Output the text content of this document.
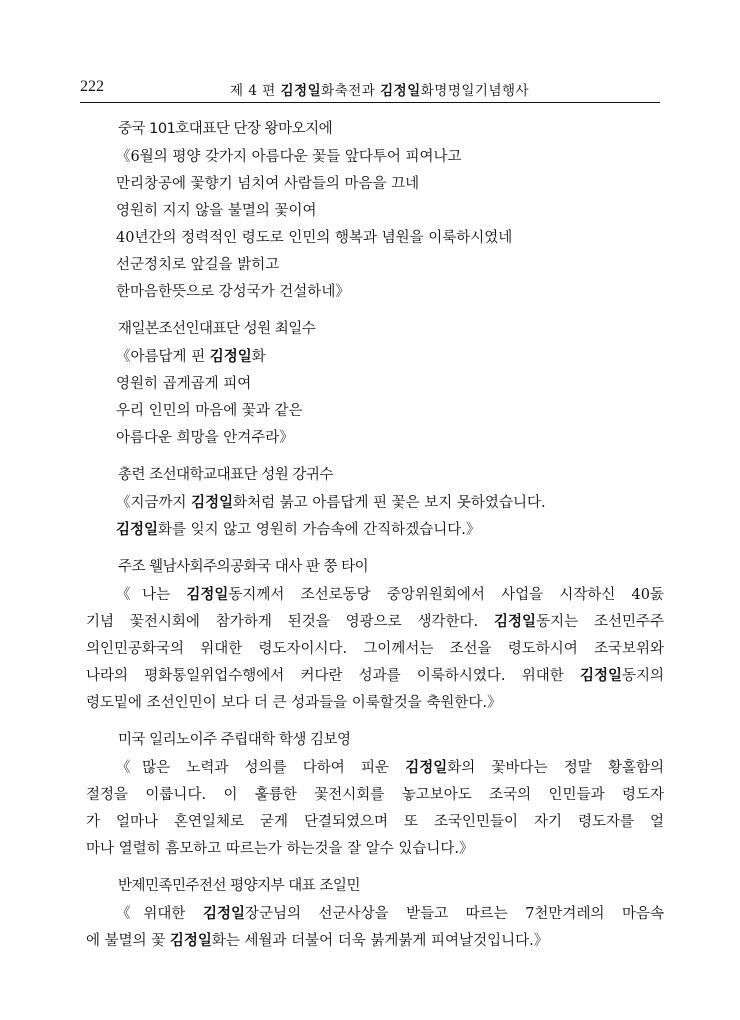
222	제 4 편 김정일화축전과 김정일화명명일기념행사
중국 101호대표단 단장 왕마오지에
《6월의 평양 갖가지 아름다운 꽃들 앞다투어 피여나고
만리창공에 꽃향기 넘치여 사람들의 마음을 끄네
영원히 지지 않을 불멸의 꽃이여
40년간의 정력적인 령도로 인민의 행복과 념원을 이룩하시였네
선군정치로 앞길을 밝히고
한마음한뜻으로 강성국가 건설하네》
재일본조선인대표단 성원 최일수
《아름답게 핀 김정일화
영원히 곱게곱게 피여
우리 인민의 마음에 꽃과 같은
아름다운 희망을 안겨주라》
총련 조선대학교대표단 성원 강귀수
《지금까지 김정일화처럼 붉고 아름답게 핀 꽃은 보지 못하였습니다.
김정일화를 잊지 않고 영원히 가슴속에 간직하겠습니다.》
주조 웰남사회주의공화국 대사 판 쭝 타이
《나는 김정일동지께서 조선로동당 중앙위원회에서 사업을 시작하신 40돐
기념 꽃전시회에 참가하게 된것을 영광으로 생각한다. 김정일동지는 조선민주주
의인민공화국의 위대한 령도자이시다. 그이께서는 조선을 령도하시여 조국보위와
나라의 평화통일위업수행에서 커다란 성과를 이룩하시였다. 위대한 김정일동지의
령도밑에 조선인민이 보다 더 큰 성과들을 이룩할것을 축원한다.》
미국 일리노이주 주립대학 학생 김보영
《많은 노력과 성의를 다하여 피운 김정일화의 꽃바다는 정말 황홀함의
절정을 이룹니다. 이 훌륭한 꽃전시회를 놓고보아도 조국의 인민들과 령도자
가 얼마나 혼연일체로 굳게 단결되였으며 또 조국인민들이 자기 령도자를 얼
마나 열렬히 흠모하고 따르는가 하는것을 잘 알수 있습니다.》
반제민족민주전선 평양지부 대표 조일민
《위대한 김정일장군님의 선군사상을 받들고 따르는 7천만겨레의 마음속
에 불멸의 꽃 김정일화는 세월과 더불어 더욱 붉게붉게 피여날것입니다.》
